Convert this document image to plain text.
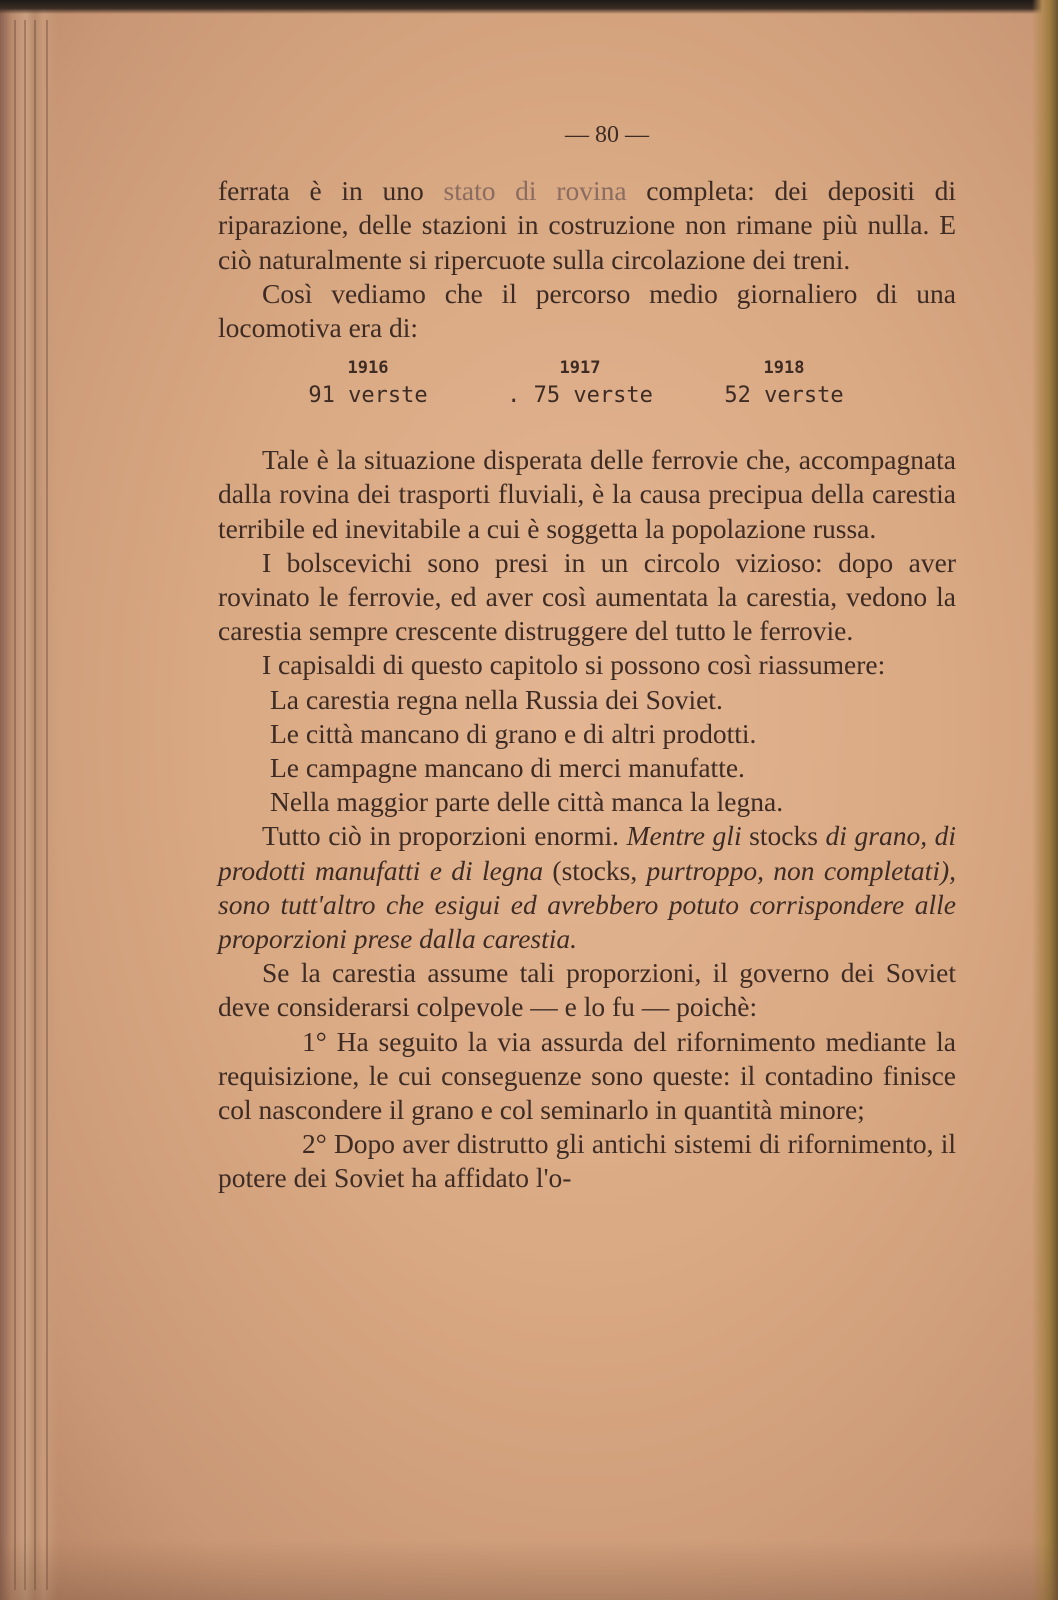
— 80 —

ferrata è in uno stato di rovina completa: dei depositi di riparazione, delle stazioni in costruzione non rimane più nulla. E ciò naturalmente si ripercuote sulla circolazione dei treni.

Così vediamo che il percorso medio giornaliero di una locomotiva era di:

1916
91 verste
1917
. 75 verste
1918
52 verste

Tale è la situazione disperata delle ferrovie che, accompagnata dalla rovina dei trasporti fluviali, è la causa precipua della carestia terribile ed inevitabile a cui è soggetta la popolazione russa.

I bolscevichi sono presi in un circolo vizioso: dopo aver rovinato le ferrovie, ed aver così aumentata la carestia, vedono la carestia sempre crescente distruggere del tutto le ferrovie.

I capisaldi di questo capitolo si possono così riassumere:

La carestia regna nella Russia dei Soviet.

Le città mancano di grano e di altri prodotti.

Le campagne mancano di merci manufatte.

Nella maggior parte delle città manca la legna.

Tutto ciò in proporzioni enormi. Mentre gli stocks di grano, di prodotti manufatti e di legna (stocks, purtroppo, non completati), sono tutt'altro che esigui ed avrebbero potuto corrispondere alle proporzioni prese dalla carestia.

Se la carestia assume tali proporzioni, il governo dei Soviet deve considerarsi colpevole — e lo fu — poichè:

1° Ha seguito la via assurda del rifornimento mediante la requisizione, le cui conseguenze sono queste: il contadino finisce col nascondere il grano e col seminarlo in quantità minore;

2° Dopo aver distrutto gli antichi sistemi di rifornimento, il potere dei Soviet ha affidato l'o-
